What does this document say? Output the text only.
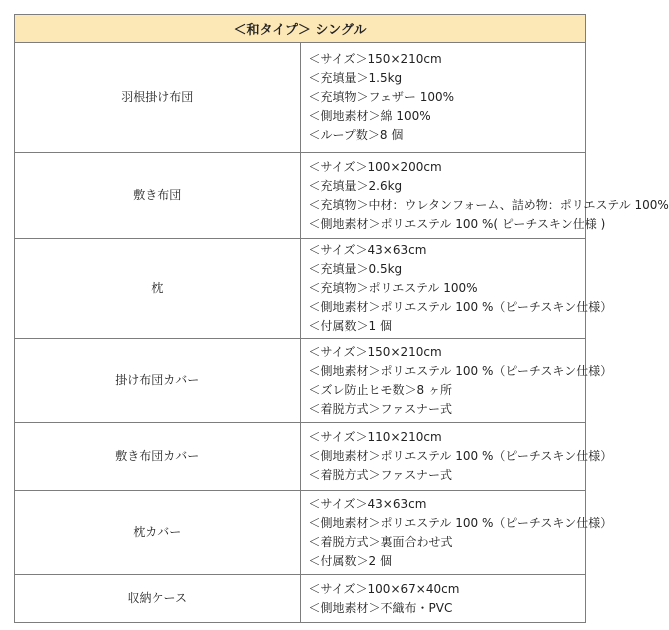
＜和タイプ＞ シングル	
羽根掛け布団	＜サイズ＞150×210cm
＜充填量＞1.5kg
＜充填物＞フェザー 100%
＜側地素材＞綿 100%
＜ループ数＞8 個

敷き布団	＜サイズ＞100×200cm
＜充填量＞2.6kg
＜充填物＞中材：ウレタンフォーム、詰め物：ポリエステル 100%
＜側地素材＞ポリエステル 100 %( ピーチスキン仕様 )

枕	＜サイズ＞43×63cm
＜充填量＞0.5kg
＜充填物＞ポリエステル 100%
＜側地素材＞ポリエステル 100 %（ピーチスキン仕様）
＜付属数＞1 個

掛け布団カバー	＜サイズ＞150×210cm
＜側地素材＞ポリエステル 100 %（ピーチスキン仕様）
＜ズレ防止ヒモ数＞8 ヶ所
＜着脱方式＞ファスナー式

敷き布団カバー	＜サイズ＞110×210cm
＜側地素材＞ポリエステル 100 %（ピーチスキン仕様）
＜着脱方式＞ファスナー式

枕カバー	＜サイズ＞43×63cm
＜側地素材＞ポリエステル 100 %（ピーチスキン仕様）
＜着脱方式＞裏面合わせ式
＜付属数＞2 個

収納ケース	＜サイズ＞100×67×40cm
＜側地素材＞不織布・PVC
